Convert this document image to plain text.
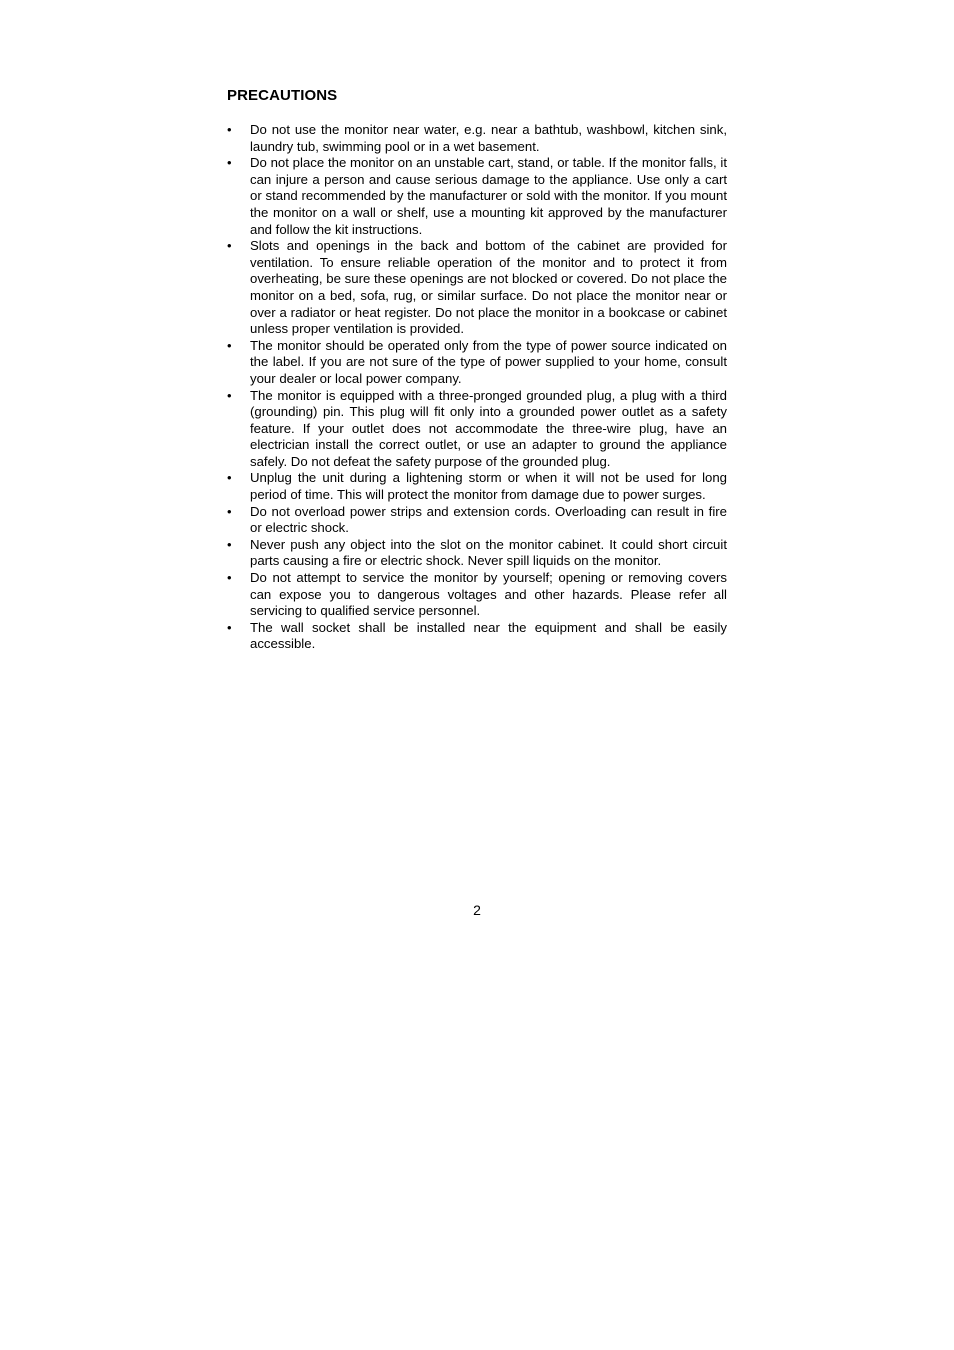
PRECAUTIONS
• Do not use the monitor near water, e.g. near a bathtub, washbowl, kitchen sink, laundry tub, swimming pool or in a wet basement.
• Do not place the monitor on an unstable cart, stand, or table. If the monitor falls, it can injure a person and cause serious damage to the appliance. Use only a cart or stand recommended by the manufacturer or sold with the monitor. If you mount the monitor on a wall or shelf, use a mounting kit approved by the manufacturer and follow the kit instructions.
• Slots and openings in the back and bottom of the cabinet are provided for ventilation. To ensure reliable operation of the monitor and to protect it from overheating, be sure these openings are not blocked or covered. Do not place the monitor on a bed, sofa, rug, or similar surface. Do not place the monitor near or over a radiator or heat register. Do not place the monitor in a bookcase or cabinet unless proper ventilation is provided.
• The monitor should be operated only from the type of power source indicated on the label. If you are not sure of the type of power supplied to your home, consult your dealer or local power company.
• The monitor is equipped with a three-pronged grounded plug, a plug with a third (grounding) pin. This plug will fit only into a grounded power outlet as a safety feature. If your outlet does not accommodate the three-wire plug, have an electrician install the correct outlet, or use an adapter to ground the appliance safely. Do not defeat the safety purpose of the grounded plug.
• Unplug the unit during a lightening storm or when it will not be used for long period of time. This will protect the monitor from damage due to power surges.
• Do not overload power strips and extension cords. Overloading can result in fire or electric shock.
• Never push any object into the slot on the monitor cabinet. It could short circuit parts causing a fire or electric shock. Never spill liquids on the monitor.
• Do not attempt to service the monitor by yourself; opening or removing covers can expose you to dangerous voltages and other hazards. Please refer all servicing to qualified service personnel.
• The wall socket shall be installed near the equipment and shall be easily accessible.
2
